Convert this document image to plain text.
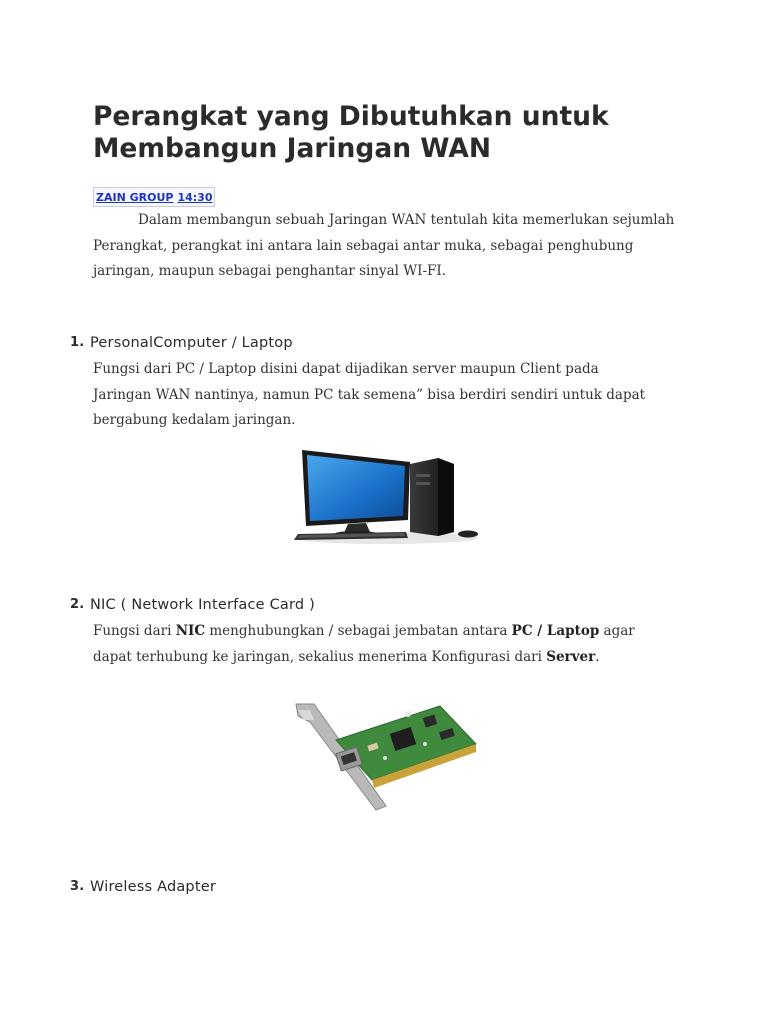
Perangkat yang Dibutuhkan untuk
Membangun Jaringan WAN
ZAIN GROUP 14:30

Dalam membangun sebuah Jaringan WAN tentulah kita memerlukan sejumlah Perangkat, perangkat ini antara lain sebagai antar muka, sebagai penghubung jaringan, maupun sebagai penghantar sinyal WI-FI.

1. PersonalComputer / Laptop

Fungsi dari PC / Laptop disini dapat dijadikan server maupun Client pada Jaringan WAN nantinya, namun PC tak semena” bisa berdiri sendiri untuk dapat bergabung kedalam jaringan.

2. NIC ( Network Interface Card )

Fungsi dari NIC menghubungkan / sebagai jembatan antara PC / Laptop agar dapat terhubung ke jaringan, sekalius menerima Konfigurasi dari Server.

3. Wireless Adapter
